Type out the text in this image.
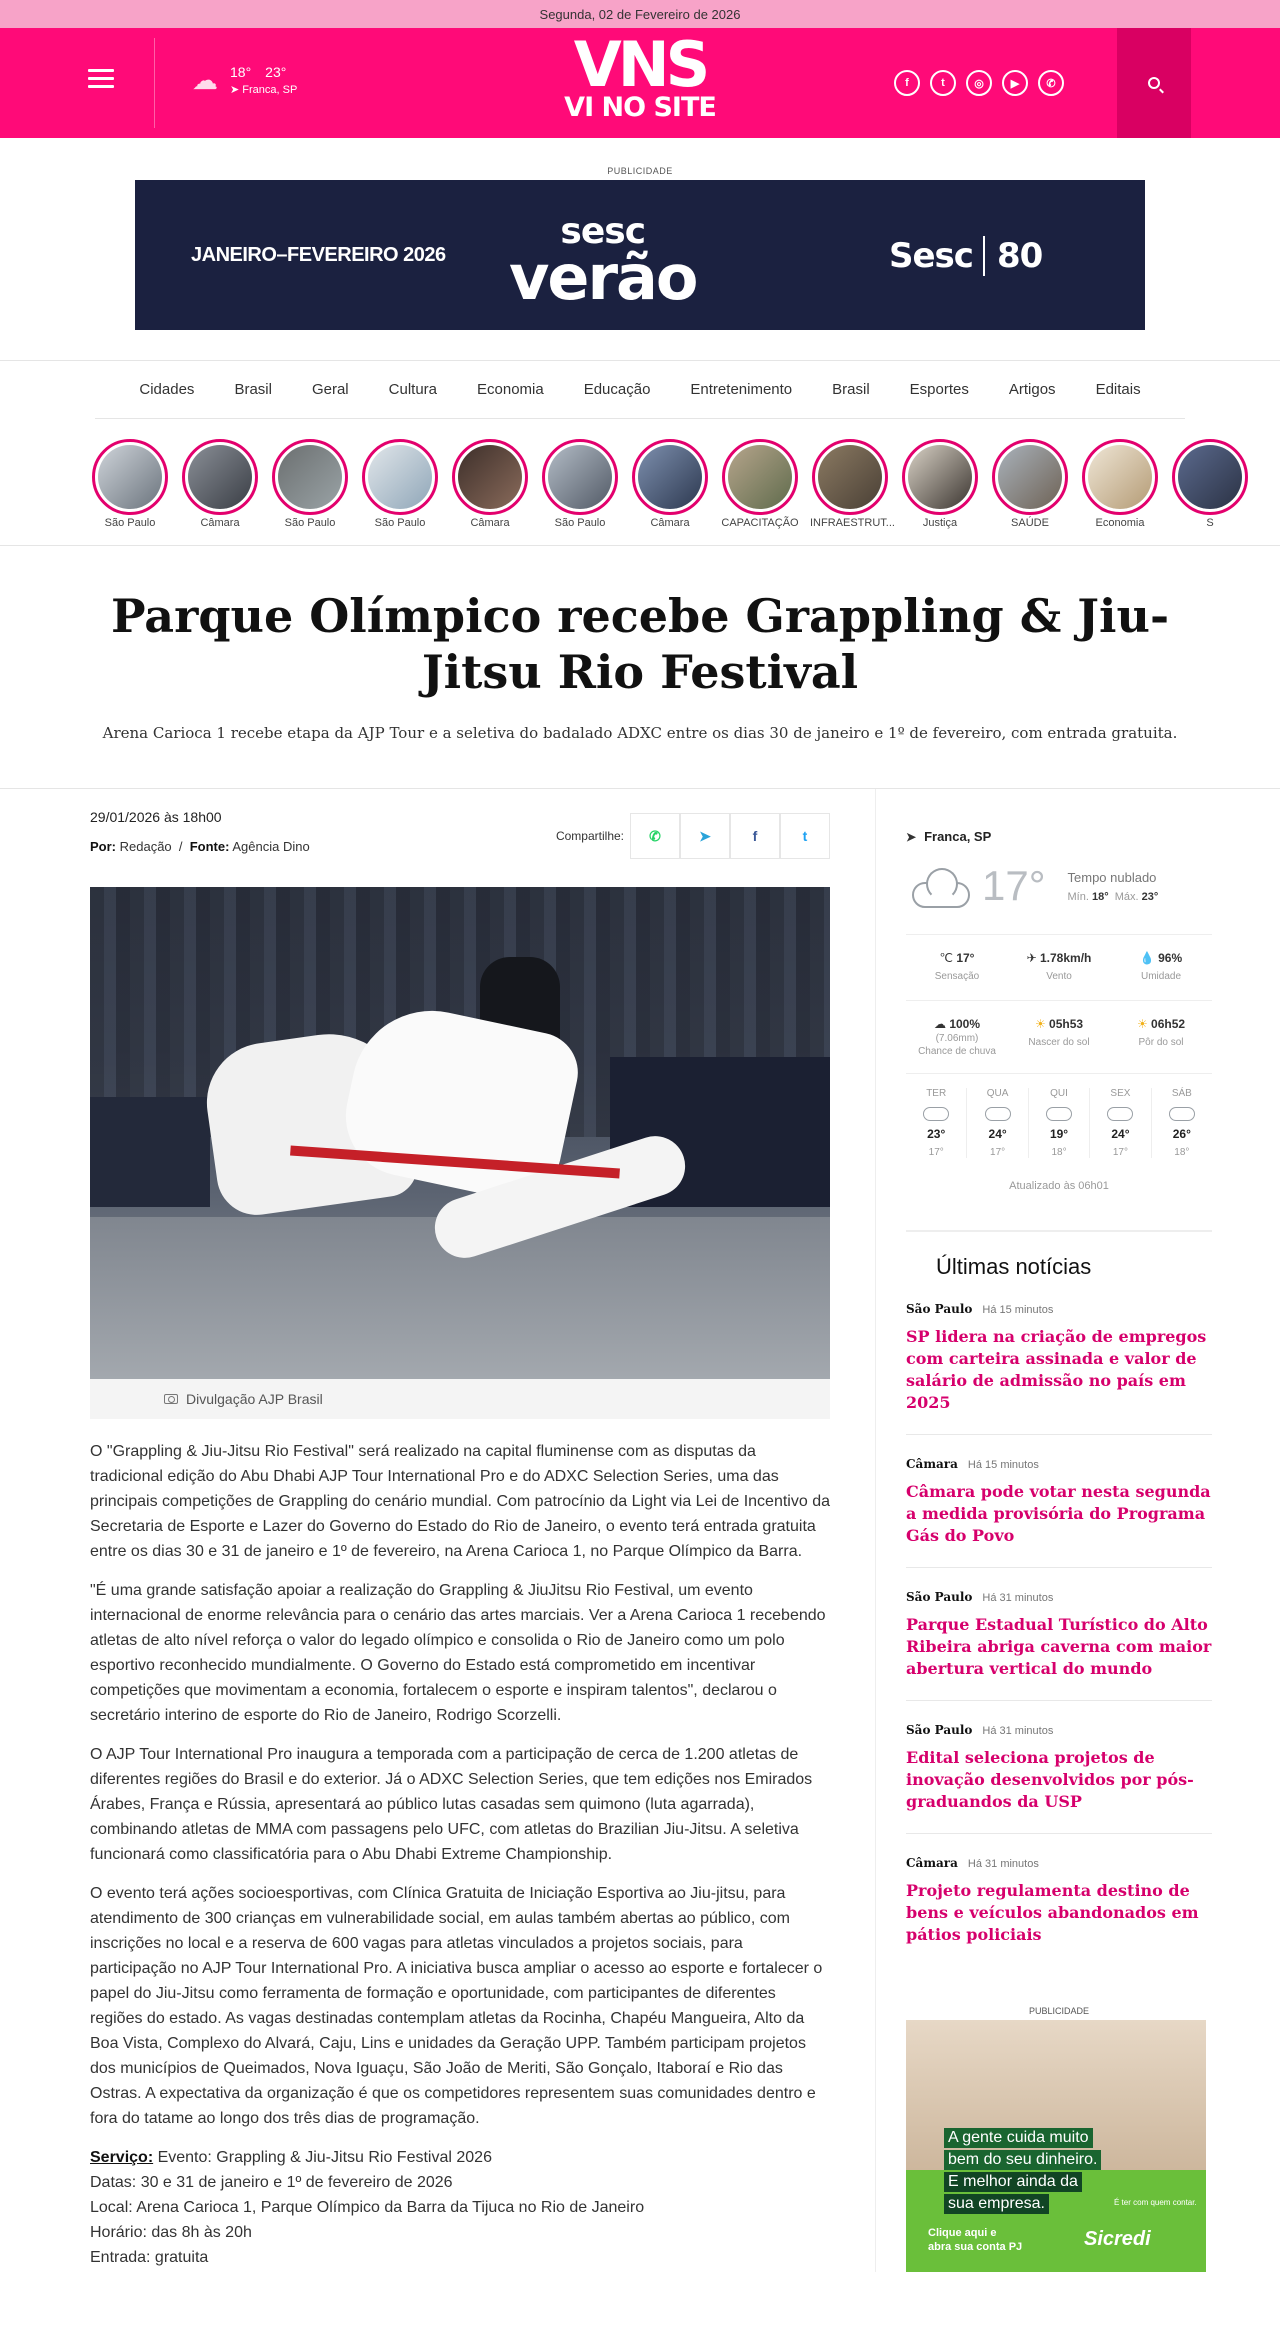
Segunda, 02 de Fevereiro de 2026
☁ 18° 23°
➤ Franca, SP	VNS
VI NO SITE
f	t	◎	▶	✆
PUBLICIDADE
JANEIRO–FEVEREIRO 2026
sesc
verão	Sesc 80
Cidades	Brasil	Geral	Cultura	Economia	Educação	Entretenimento	Brasil	Esportes	Artigos	Editais
São Paulo	Câmara	São Paulo	São Paulo	Câmara	São Paulo	Câmara	CAPACITAÇÃO INFRAESTRUT...	Justiça	SAÚDE	Economia	S
Parque Olímpico recebe Grappling & Jiu-Jitsu Rio Festival
Arena Carioca 1 recebe etapa da AJP Tour e a seletiva do badalado ADXC entre os dias 30 de janeiro e 1º de fevereiro, com entrada gratuita.
29/01/2026 às 18h00
Por: Redação  /  Fonte: Agência Dino
Compartilhe:	✆	➤	f	t
Divulgação AJP Brasil

O "Grappling & Jiu-Jitsu Rio Festival" será realizado na capital fluminense com as disputas da tradicional edição do Abu Dhabi AJP Tour International Pro e do ADXC Selection Series, uma das principais competições de Grappling do cenário mundial. Com patrocínio da Light via Lei de Incentivo da Secretaria de Esporte e Lazer do Governo do Estado do Rio de Janeiro, o evento terá entrada gratuita entre os dias 30 e 31 de janeiro e 1º de fevereiro, na Arena Carioca 1, no Parque Olímpico da Barra.

"É uma grande satisfação apoiar a realização do Grappling & JiuJitsu Rio Festival, um evento internacional de enorme relevância para o cenário das artes marciais. Ver a Arena Carioca 1 recebendo atletas de alto nível reforça o valor do legado olímpico e consolida o Rio de Janeiro como um polo esportivo reconhecido mundialmente. O Governo do Estado está comprometido em incentivar competições que movimentam a economia, fortalecem o esporte e inspiram talentos", declarou o secretário interino de esporte do Rio de Janeiro, Rodrigo Scorzelli.

O AJP Tour International Pro inaugura a temporada com a participação de cerca de 1.200 atletas de diferentes regiões do Brasil e do exterior. Já o ADXC Selection Series, que tem edições nos Emirados Árabes, França e Rússia, apresentará ao público lutas casadas sem quimono (luta agarrada), combinando atletas de MMA com passagens pelo UFC, com atletas do Brazilian Jiu-Jitsu. A seletiva funcionará como classificatória para o Abu Dhabi Extreme Championship.

O evento terá ações socioesportivas, com Clínica Gratuita de Iniciação Esportiva ao Jiu-jitsu, para atendimento de 300 crianças em vulnerabilidade social, em aulas também abertas ao público, com inscrições no local e a reserva de 600 vagas para atletas vinculados a projetos sociais, para participação no AJP Tour International Pro. A iniciativa busca ampliar o acesso ao esporte e fortalecer o papel do Jiu-Jitsu como ferramenta de formação e oportunidade, com participantes de diferentes regiões do estado. As vagas destinadas contemplam atletas da Rocinha, Chapéu Mangueira, Alto da Boa Vista, Complexo do Alvará, Caju, Lins e unidades da Geração UPP. Também participam projetos dos municípios de Queimados, Nova Iguaçu, São João de Meriti, São Gonçalo, Itaboraí e Rio das Ostras. A expectativa da organização é que os competidores representem suas comunidades dentro e fora do tatame ao longo dos três dias de programação.

Serviço: Evento: Grappling & Jiu-Jitsu Rio Festival 2026

Datas: 30 e 31 de janeiro e 1º de fevereiro de 2026

Local: Arena Carioca 1, Parque Olímpico da Barra da Tijuca no Rio de Janeiro

Horário: das 8h às 20h

Entrada: gratuita

➤ Franca, SP
17° Tempo nublado
Mín. 18° Máx. 23°
℃ 17°
Sensação
✈ 1.78km/h
Vento
💧 96%
Umidade
☁ 100%
(7.06mm)
Chance de chuva
☀ 05h53
Nascer do sol
☀ 06h52
Pôr do sol
TER
23°
17°
QUA
24°
17°
QUI
19°
18°
SEX
24°
17°
SÁB
26°
18°
Atualizado às 06h01
Últimas notícias
São Paulo Há 15 minutos
SP lidera na criação de empregos com carteira assinada e valor de salário de admissão no país em 2025
Câmara Há 15 minutos
Câmara pode votar nesta segunda a medida provisória do Programa Gás do Povo
São Paulo Há 31 minutos
Parque Estadual Turístico do Alto Ribeira abriga caverna com maior abertura vertical do mundo
São Paulo Há 31 minutos
Edital seleciona projetos de inovação desenvolvidos por pós-graduandos da USP
Câmara Há 31 minutos
Projeto regulamenta destino de bens e veículos abandonados em pátios policiais
PUBLICIDADE
A gente cuida muito
bem do seu dinheiro.
E melhor ainda da
sua empresa.	É ter com quem contar.
Clique aqui e
abra sua conta PJ	Sicredi
